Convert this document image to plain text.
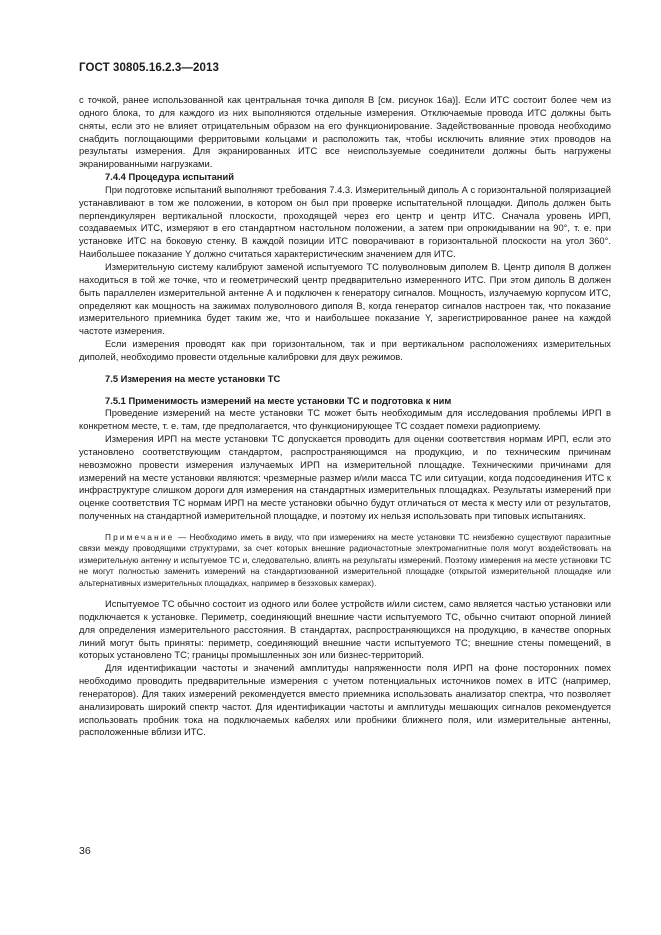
ГОСТ 30805.16.2.3—2013

с точкой, ранее использованной как центральная точка диполя В [см. рисунок 16а)]. Если ИТС состоит более чем из одного блока, то для каждого из них выполняются отдельные измерения. Отключаемые провода ИТС должны быть сняты, если это не влияет отрицательным образом на его функционирование. Задействованные провода необходимо снабдить поглощающими ферритовыми кольцами и расположить так, чтобы исключить влияние этих проводов на результаты измерения. Для экранированных ИТС все неиспользуемые соединители должны быть нагружены экранированными нагрузками.

7.4.4 Процедура испытаний

При подготовке испытаний выполняют требования 7.4.3. Измерительный диполь А с горизонтальной поляризацией устанавливают в том же положении, в котором он был при проверке испытательной площадки. Диполь должен быть перпендикулярен вертикальной плоскости, проходящей через его центр и центр ИТС. Сначала уровень ИРП, создаваемых ИТС, измеряют в его стандартном настольном положении, а затем при опрокидывании на 90°, т. е. при установке ИТС на боковую стенку. В каждой позиции ИТС поворачивают в горизонтальной плоскости на угол 360°. Наибольшее показание Y должно считаться характеристическим значением для ИТС.

Измерительную систему калибруют заменой испытуемого ТС полуволновым диполем В. Центр диполя В должен находиться в той же точке, что и геометрический центр предварительно измеренного ИТС. При этом диполь В должен быть параллелен измерительной антенне А и подключен к генератору сигналов. Мощность, излучаемую корпусом ИТС, определяют как мощность на зажимах полуволнового диполя В, когда генератор сигналов настроен так, что показание измерительного приемника будет таким же, что и наибольшее показание Y, зарегистрированное ранее на каждой частоте измерения.

Если измерения проводят как при горизонтальном, так и при вертикальном расположениях измерительных диполей, необходимо провести отдельные калибровки для двух режимов.

7.5 Измерения на месте установки ТС
7.5.1 Применимость измерений на месте установки ТС и подготовка к ним

Проведение измерений на месте установки ТС может быть необходимым для исследования проблемы ИРП в конкретном месте, т. е. там, где предполагается, что функционирующее ТС создает помехи радиоприему.

Измерения ИРП на месте установки ТС допускается проводить для оценки соответствия нормам ИРП, если это установлено соответствующим стандартом, распространяющимся на продукцию, и по техническим причинам невозможно провести измерения излучаемых ИРП на измерительной площадке. Техническими причинами для измерений на месте установки являются: чрезмерные размер и/или масса ТС или ситуации, когда подсоединения ИТС к инфраструктуре слишком дороги для измерения на стандартных измерительных площадках. Результаты измерений при оценке соответствия ТС нормам ИРП на месте установки обычно будут отличаться от места к месту или от результатов, полученных на стандартной измерительной площадке, и поэтому их нельзя использовать при типовых испытаниях.

Примечание — Необходимо иметь в виду, что при измерениях на месте установки ТС неизбежно существуют паразитные связи между проводящими структурами, за счет которых внешние радиочастотные электромагнитные поля могут воздействовать на измерительную антенну и испытуемое ТС и, следовательно, влиять на результаты измерений. Поэтому измерения на месте установки ТС не могут полностью заменить измерений на стандартизованной измерительной площадке (открытой измерительной площадке или альтернативных измерительных площадках, например в безэховых камерах).

Испытуемое ТС обычно состоит из одного или более устройств и/или систем, само является частью установки или подключается к установке. Периметр, соединяющий внешние части испытуемого ТС, обычно считают опорной линией для определения измерительного расстояния. В стандартах, распространяющихся на продукцию, в качестве опорных линий могут быть приняты: периметр, соединяющий внешние части испытуемого ТС; внешние стены помещений, в которых установлено ТС; границы промышленных зон или бизнес-территорий.

Для идентификации частоты и значений амплитуды напряженности поля ИРП на фоне посторонних помех необходимо проводить предварительные измерения с учетом потенциальных источников помех в ИТС (например, генераторов). Для таких измерений рекомендуется вместо приемника использовать анализатор спектра, что позволяет анализировать широкий спектр частот. Для идентификации частоты и амплитуды мешающих сигналов рекомендуется использовать пробник тока на подключаемых кабелях или пробники ближнего поля, или измерительные антенны, расположенные вблизи ИТС.

36
